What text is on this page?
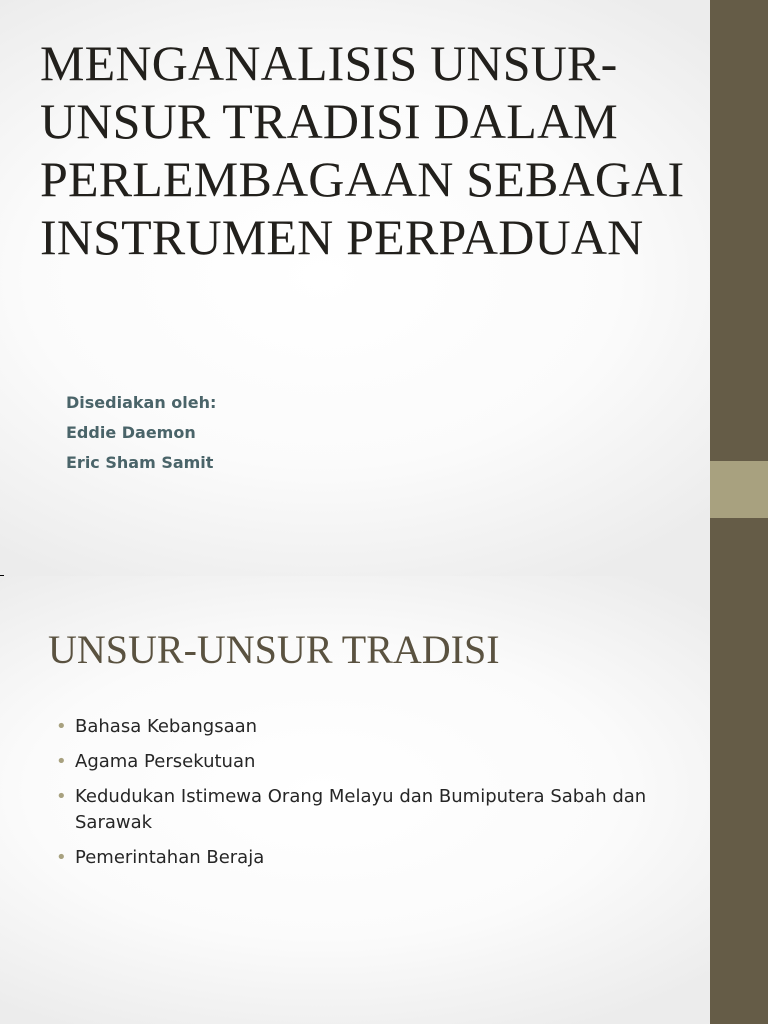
MENGANALISIS UNSUR-
UNSUR TRADISI DALAM
PERLEMBAGAAN SEBAGAI
INSTRUMEN PERPADUAN
Disediakan oleh:
Eddie Daemon
Eric Sham Samit
UNSUR-UNSUR TRADISI
• Bahasa Kebangsaan
• Agama Persekutuan
• Kedudukan Istimewa Orang Melayu dan Bumiputera Sabah dan Sarawak
• Pemerintahan Beraja
